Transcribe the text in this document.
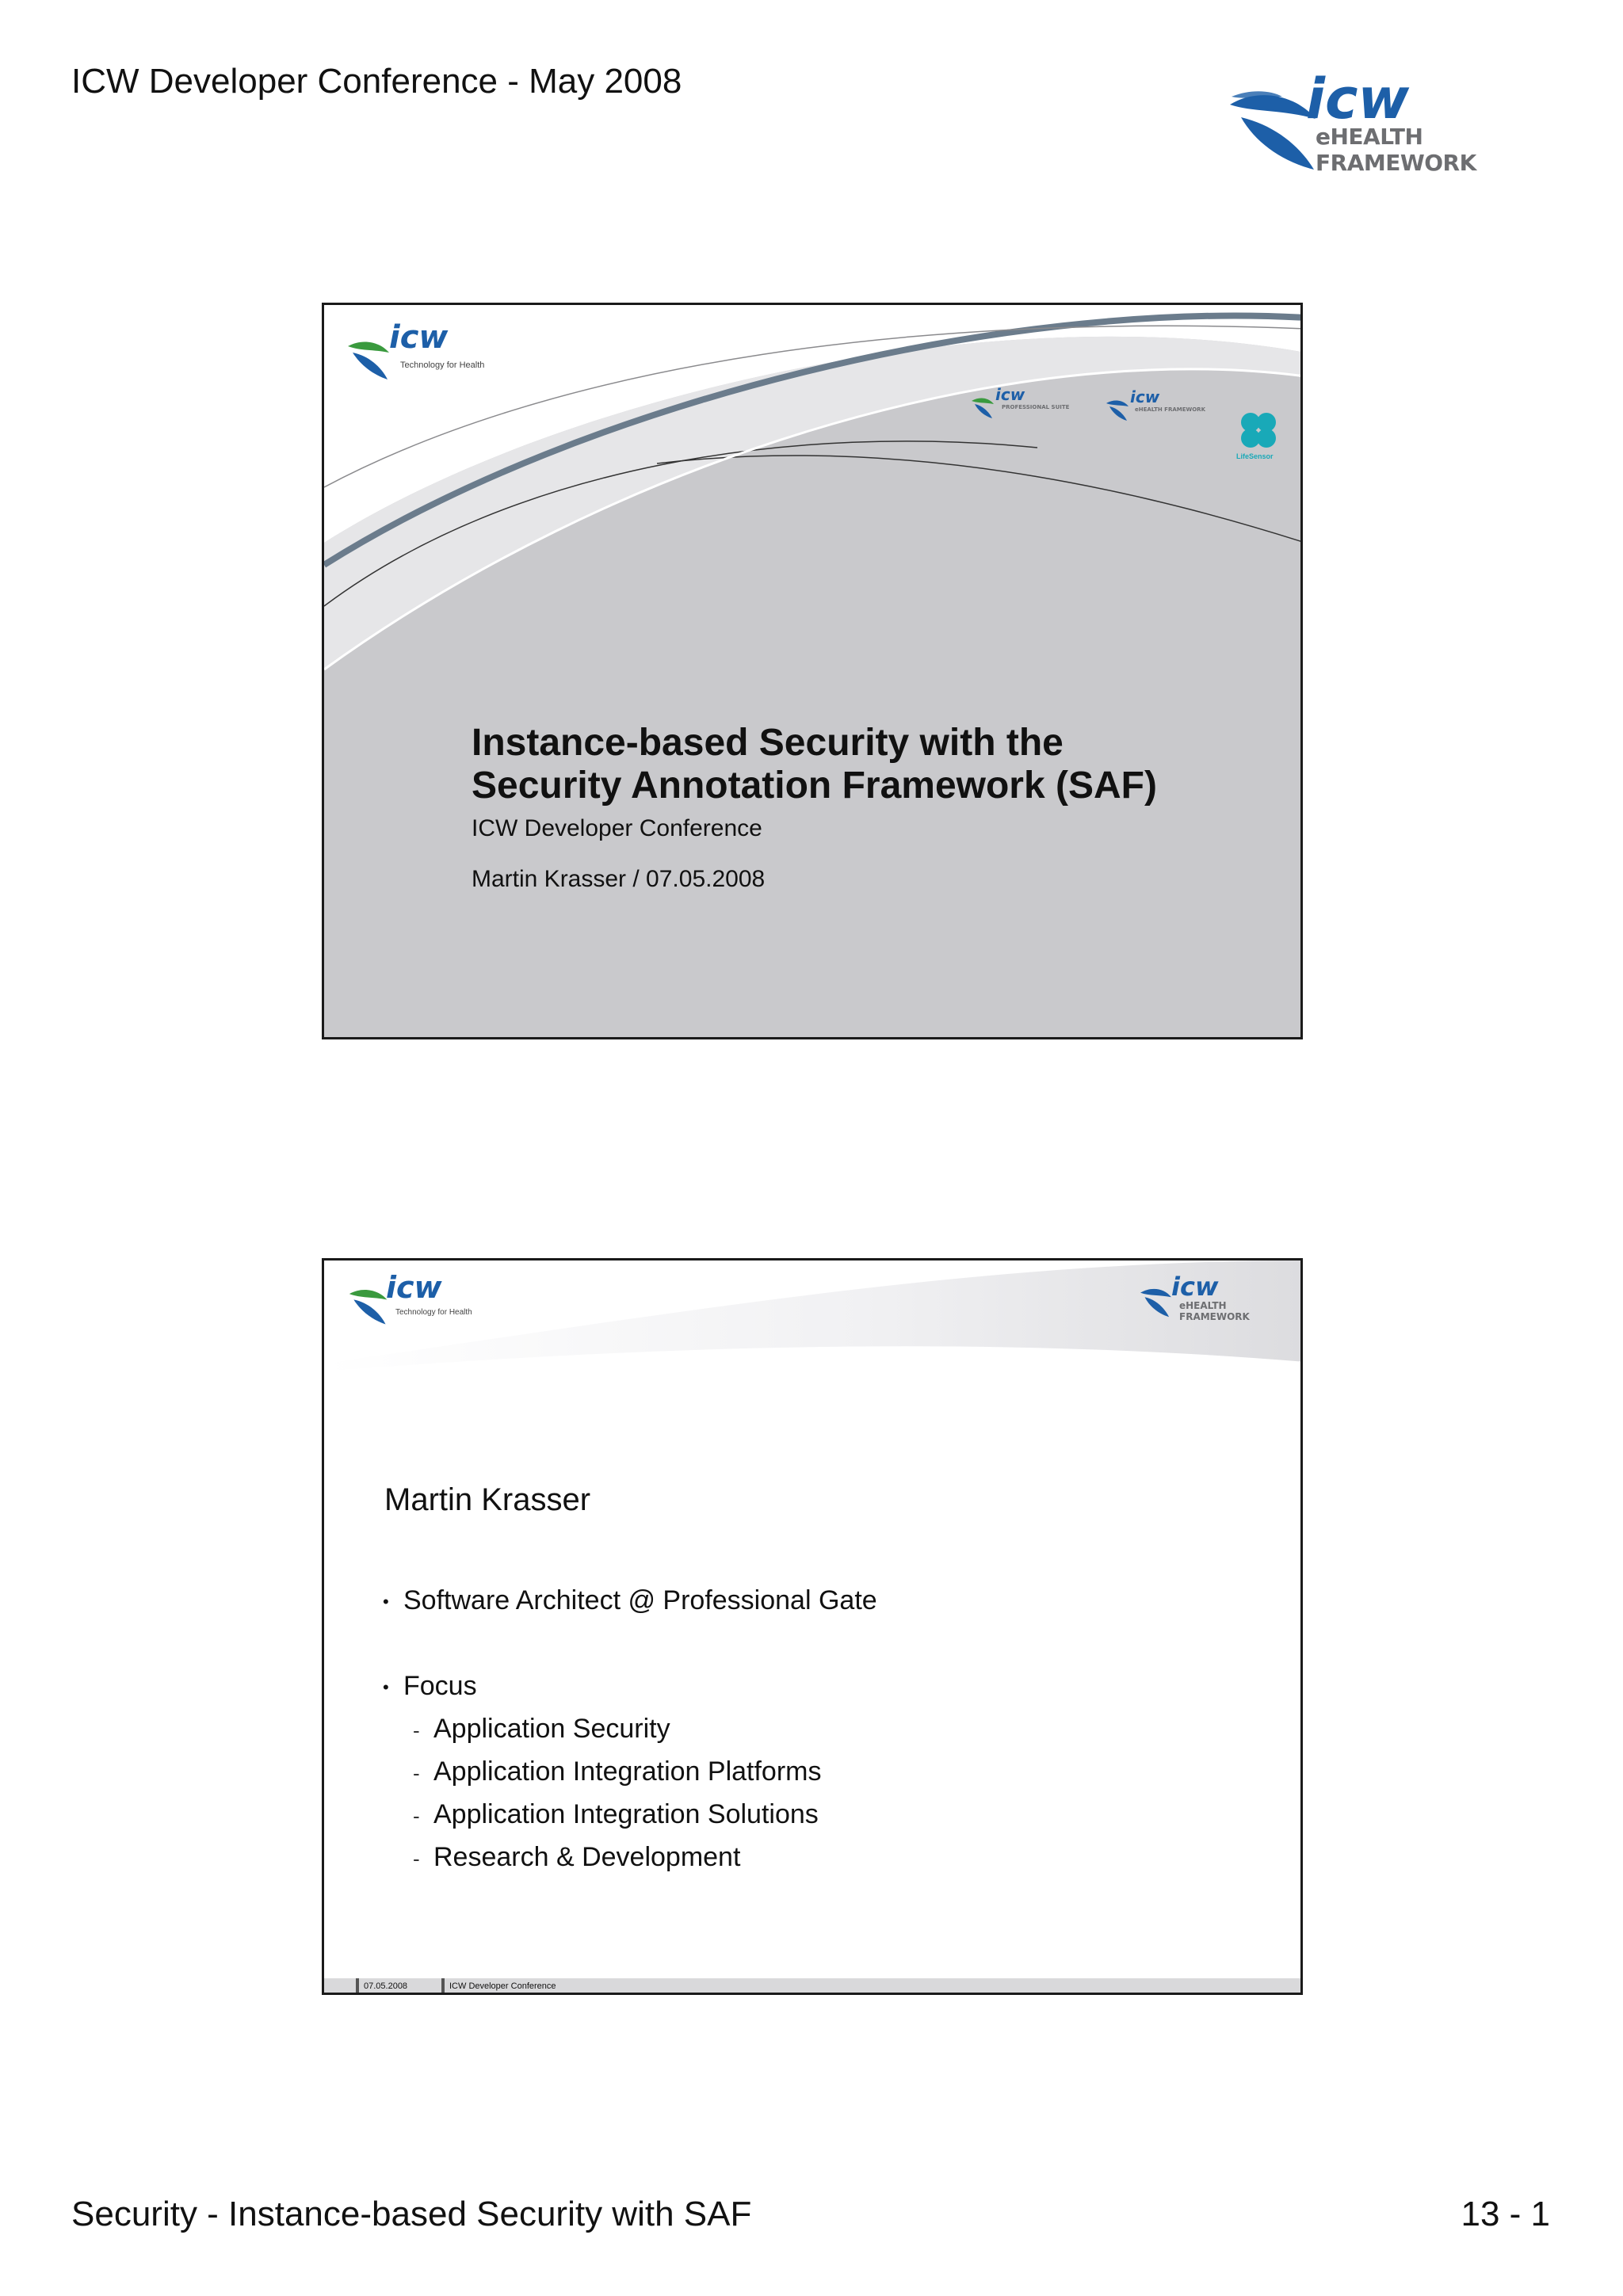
ICW Developer Conference - May 2008	icw
eHEALTH FRAMEWORK
icw
Technology for Health
icw
PROFESSIONAL SUITE
icw
eHEALTH FRAMEWORK
LifeSensor
Instance-based Security with the
Security Annotation Framework (SAF)
ICW Developer Conference
Martin Krasser / 07.05.2008
icw
Technology for Health
icw
eHEALTH FRAMEWORK
Martin Krasser
• Software Architect @ Professional Gate
• Focus
- Application Security
- Application Integration Platforms
- Application Integration Solutions
- Research & Development
07.05.2008	ICW Developer Conference
Security - Instance-based Security with SAF	13 - 1
